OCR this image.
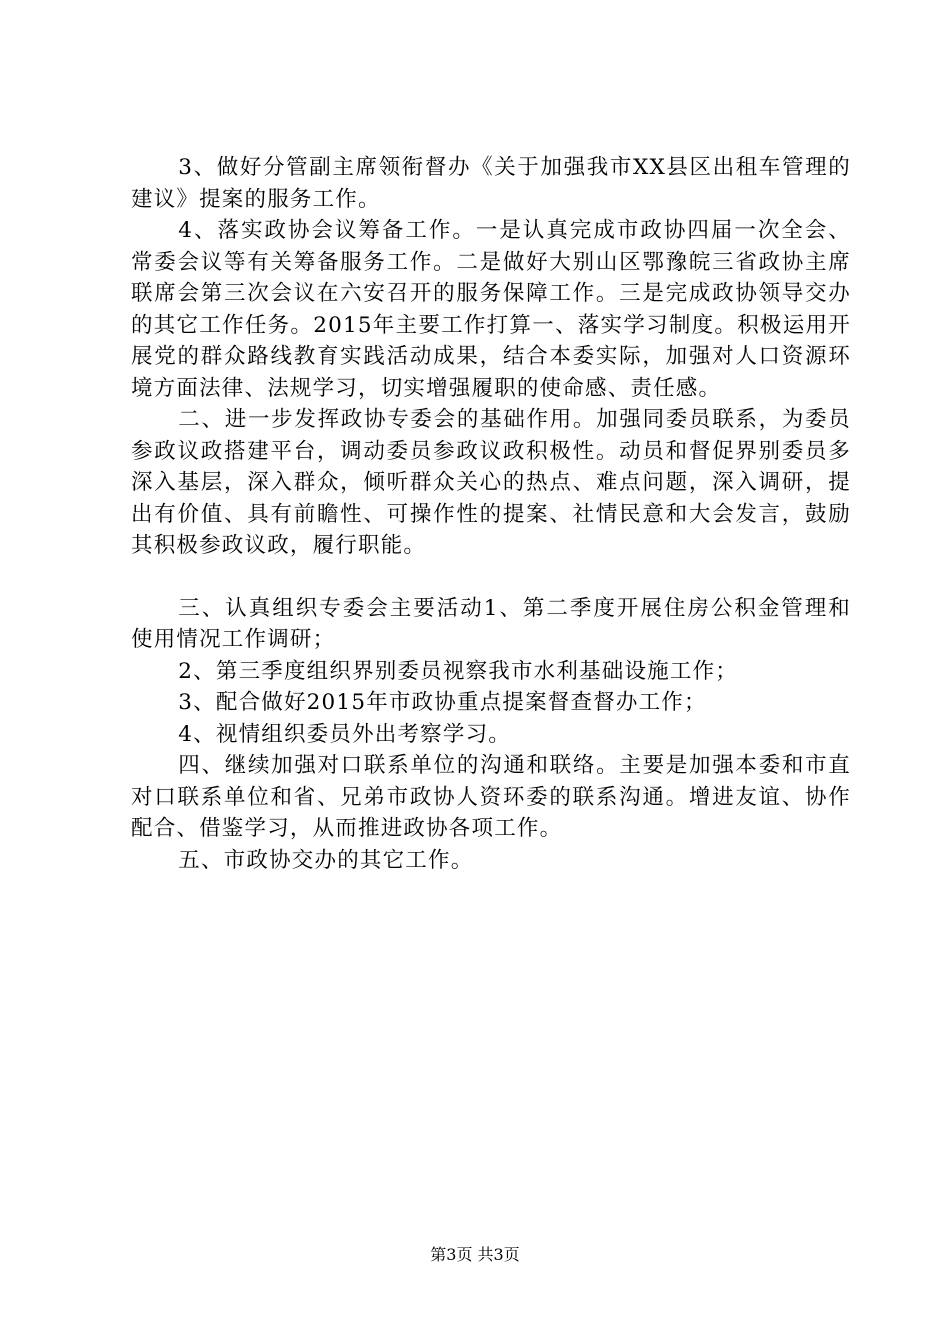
3、做好分管副主席领衔督办《关于加强我市XX县区出租车管理的建议》提案的服务工作。

4、落实政协会议筹备工作。一是认真完成市政协四届一次全会、常委会议等有关筹备服务工作。二是做好大别山区鄂豫皖三省政协主席联席会第三次会议在六安召开的服务保障工作。三是完成政协领导交办的其它工作任务。2015年主要工作打算一、落实学习制度。积极运用开展党的群众路线教育实践活动成果，结合本委实际，加强对人口资源环境方面法律、法规学习，切实增强履职的使命感、责任感。

二、进一步发挥政协专委会的基础作用。加强同委员联系，为委员参政议政搭建平台，调动委员参政议政积极性。动员和督促界别委员多深入基层，深入群众，倾听群众关心的热点、难点问题，深入调研，提出有价值、具有前瞻性、可操作性的提案、社情民意和大会发言，鼓励其积极参政议政，履行职能。

三、认真组织专委会主要活动1、第二季度开展住房公积金管理和使用情况工作调研；

2、第三季度组织界别委员视察我市水利基础设施工作；

3、配合做好2015年市政协重点提案督查督办工作；

4、视情组织委员外出考察学习。

四、继续加强对口联系单位的沟通和联络。主要是加强本委和市直对口联系单位和省、兄弟市政协人资环委的联系沟通。增进友谊、协作配合、借鉴学习，从而推进政协各项工作。

五、市政协交办的其它工作。

第3页 共3页
